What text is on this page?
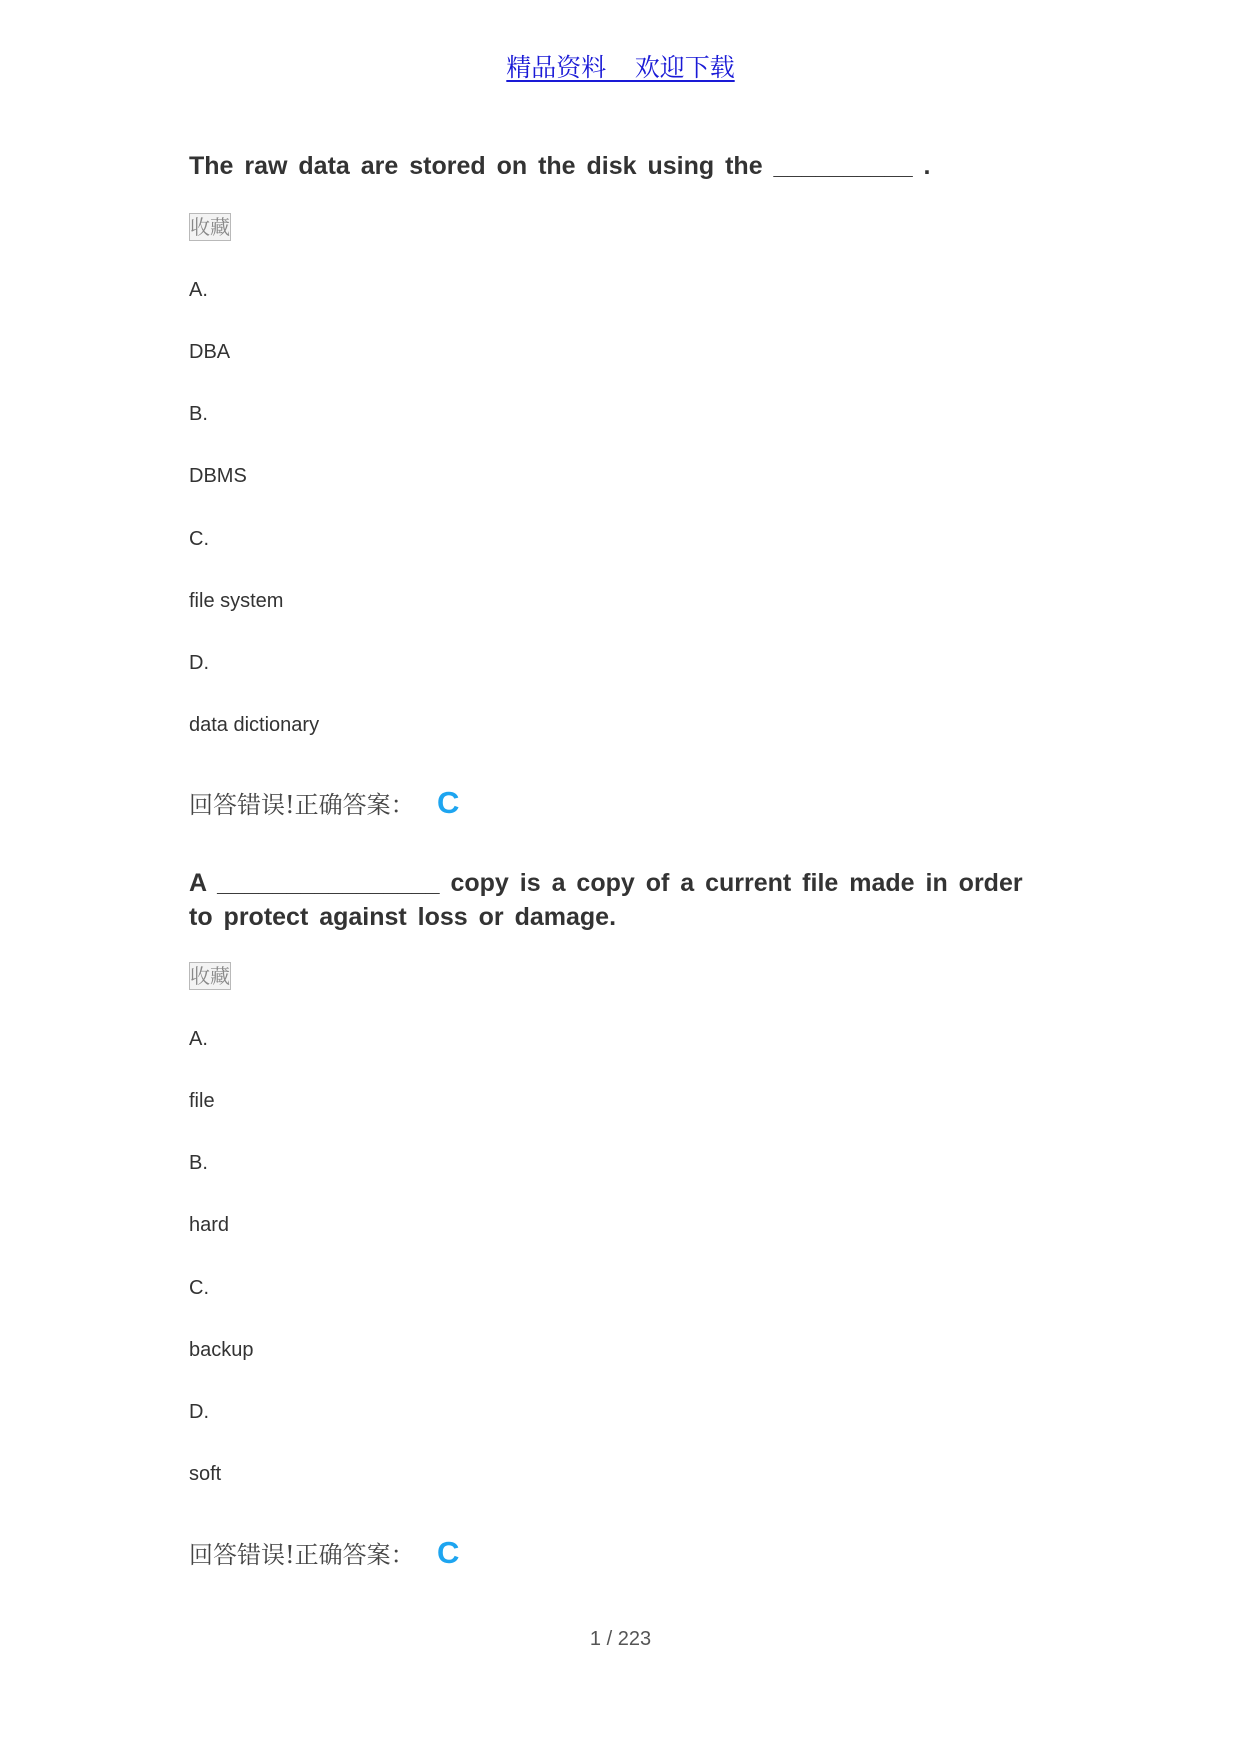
精品资料 _ 欢迎下载

The raw data are stored on the disk using the __________ .

收藏
A.
DBA
B.
DBMS
C.
file system
D.
data dictionary
回答错误!正确答案： C

A ________________ copy is a copy of a current file made in order to protect against loss or damage.

收藏
A.
file
B.
hard
C.
backup
D.
soft
回答错误!正确答案： C
1 / 223
